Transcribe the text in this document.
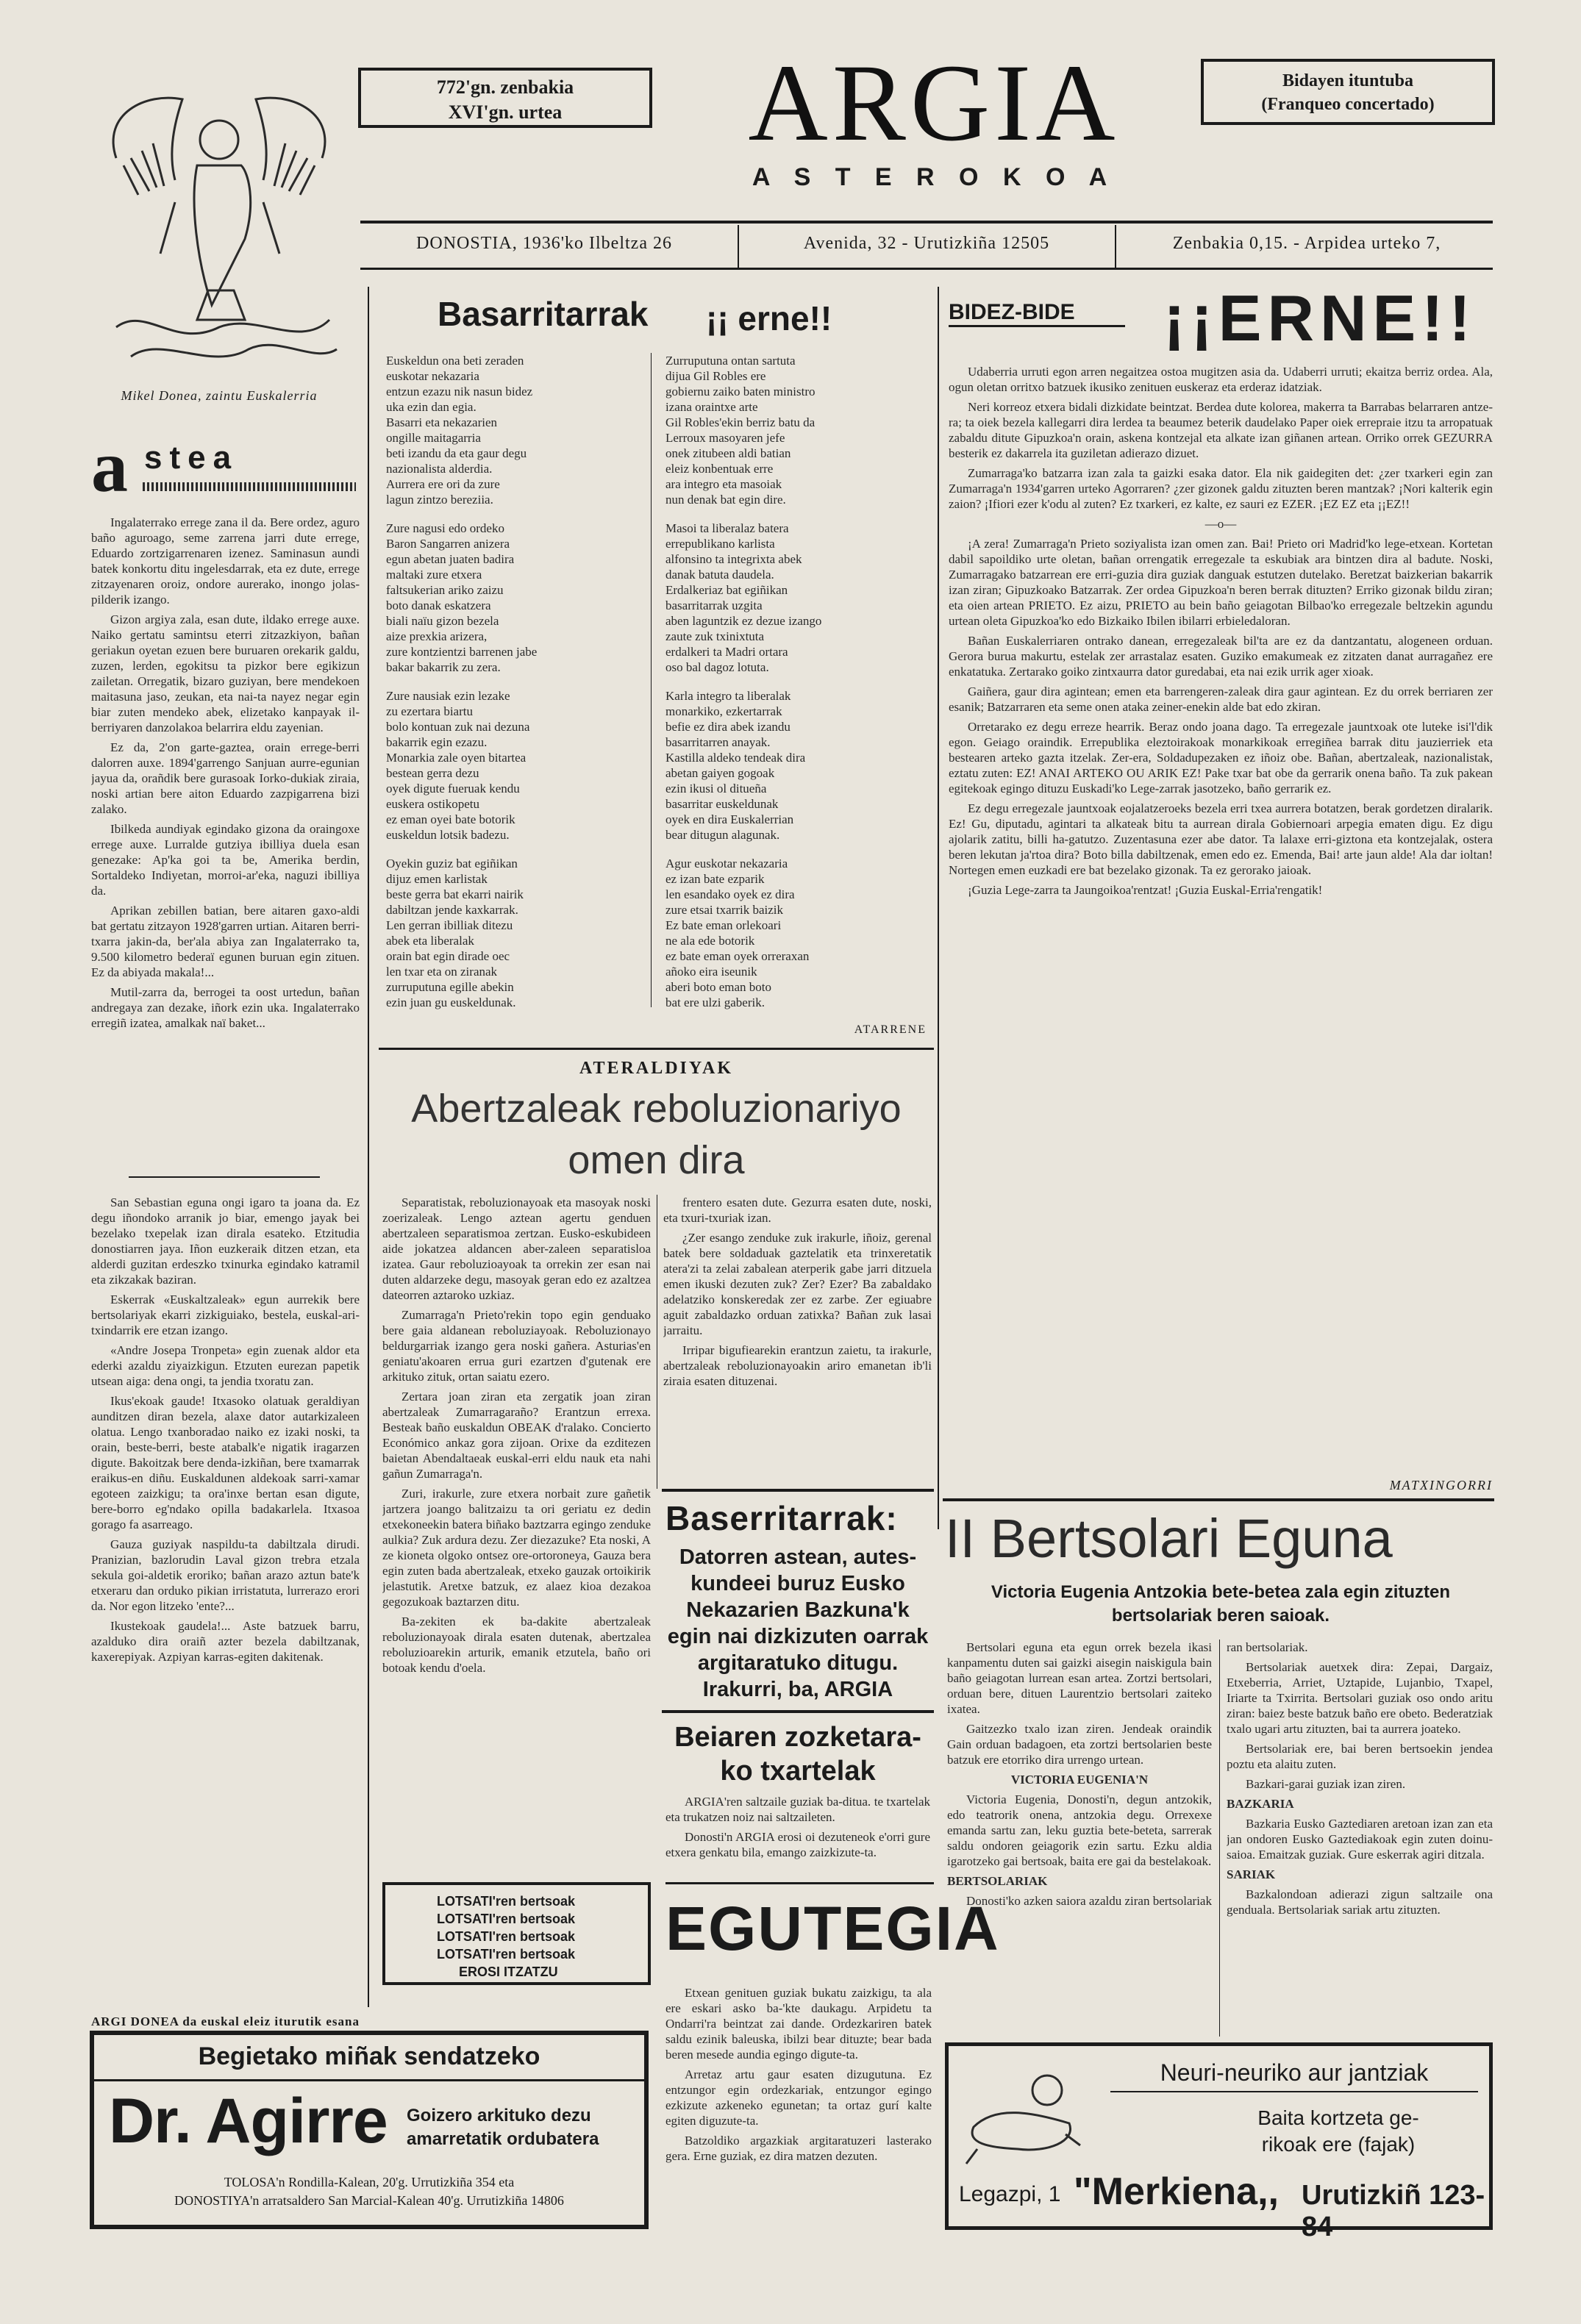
Mikel Donea, zaintu Euskalerria
772'gn. zenbakia
XVI'gn. urtea	ARGIA
A S T E R O K O A
Bidayen ituntuba
(Franqueo concertado)
DONOSTIA, 1936'ko Ilbeltza 26	Avenida, 32 - Urutizkiña 12505	Zenbakia 0,15. - Arpidea urteko 7,
a stea

Ingalaterrako errege zana il da. Bere ordez, aguro baño aguroago, seme zarrena jarri dute errege, Eduardo zortzigarrenaren izenez. Saminasun aundi batek konkortu ditu ingelesdarrak, eta ez dute, errege zitzayenaren oroiz, ondore aurerako, inongo jolas-pilderik izango.

Gizon argiya zala, esan dute, ildako errege auxe. Naiko gertatu samintsu eterri zitzazkiyon, bañan geriakun oyetan ezuen bere buruaren orekarik galdu, zuzen, lerden, egokitsu ta pizkor bere egikizun zailetan. Orregatik, bizaro guziyan, bere mendekoen maitasuna jaso, zeukan, eta nai-ta nayez negar egin biar zuten mendeko abek, elizetako kanpayak il-berriyaren danzolakoa belarrira eldu zayenian.

Ez da, 2'on garte-gaztea, orain errege-berri dalorren auxe. 1894'garrengo Sanjuan aurre-egunian jayua da, orañdik bere gurasoak Iorko-dukiak ziraia, noski artian bere aiton Eduardo zazpigarrena bizi zalako.

Ibilkeda aundiyak egindako gizona da oraingoxe errege auxe. Lurralde gutziya ibilliya duela esan genezake: Ap'ka goi ta be, Amerika berdin, Sortaldeko Indiyetan, morroi-ar'eka, naguzi ibilliya da.

Aprikan zebillen batian, bere aitaren gaxo-aldi bat gertatu zitzayon 1928'garren urtian. Aitaren berri-txarra jakin-da, ber'ala abiya zan Ingalaterrako ta, 9.500 kilometro bederaï egunen buruan egin zituen. Ez da abiyada makala!...

Mutil-zarra da, berrogei ta oost urtedun, bañan andregaya zan dezake, iñork ezin uka. Ingalaterrako erregiñ izatea, amalkak naï baket...

San Sebastian eguna ongi igaro ta joana da. Ez degu iñondoko arranik jo biar, emengo jayak bei bezelako txepelak izan dirala esateko. Etzitudia donostiarren jaya. Iñon euzkeraik ditzen etzan, eta alderdi guzitan erdeszko txinurka egindako katramil eta zikzakak baziran.

Eskerrak «Euskaltzaleak» egun aurrekik bere bertsolariyak ekarri zizkiguiako, bestela, euskal-ari-txindarrik ere etzan izango.

«Andre Josepa Tronpeta» egin zuenak aldor eta ederki azaldu ziyaizkigun. Etzuten eurezan papetik utsean aiga: dena ongi, ta jendia txoratu zan.

Ikus'ekoak gaude! Itxasoko olatuak geraldiyan aunditzen diran bezela, alaxe dator autarkizaleen olatua. Lengo txanboradao naiko ez izaki noski, ta orain, beste-berri, beste atabalk'e nigatik iragarzen digute. Bakoitzak bere denda-izkiñan, bere txamarrak eraikus-en diñu. Euskaldunen aldekoak sarri-xamar egoteen zaizkigu; ta ora'inxe bertan esan digute, bere-borro eg'ndako opilla badakarlela. Itxasoa gorago fa asarreago.

Gauza guziyak naspildu-ta dabiltzala dirudi. Pranizian, bazlorudin Laval gizon trebra etzala sekula goi-aldetik eroriko; bañan arazo aztun bate'k etxeraru dan orduko pikian irristatuta, lurrerazo erori da. Nor egon litzeko 'ente?...

Ikustekoak gaudela!... Aste batzuek barru, azalduko dira oraiñ azter bezela dabiltzanak, kaxerepiyak. Azpiyan karras-egiten dakitenak.

ARGI DONEA da euskal eleiz iturutik esana
Basarritarrak ¡¡ erne!!
Euskeldun ona beti zeraden
euskotar nekazaria
entzun ezazu nik nasun bidez
uka ezin dan egia.
Basarri eta nekazarien
ongille maitagarria
beti izandu da eta gaur degu
nazionalista alderdia.
Aurrera ere ori da zure
lagun zintzo bereziia.
Zure nagusi edo ordeko
Baron Sangarren anizera
egun abetan juaten badira
maltaki zure etxera
faltsukerian ariko zaizu
boto danak eskatzera
biali naïu gizon bezela
aize prexkia arizera,
zure kontzientzi barrenen jabe
bakar bakarrik zu zera.
Zure nausiak ezin lezake
zu ezertara biartu
bolo kontuan zuk nai dezuna
bakarrik egin ezazu.
Monarkia zale oyen bitartea
bestean gerra dezu
oyek digute fueruak kendu
euskera ostikopetu
ez eman oyei bate botorik
euskeldun lotsik badezu.
Oyekin guziz bat egiñikan
dijuz emen karlistak
beste gerra bat ekarri nairik
dabiltzan jende kaxkarrak.
Len gerran ibilliak ditezu
abek eta liberalak
orain bat egin dirade oec
len txar eta on ziranak
zurruputuna egille abekin
ezin juan gu euskeldunak.
Zurruputuna ontan sartuta
dijua Gil Robles ere
gobiernu zaiko baten ministro
izana oraintxe arte
Gil Robles'ekin berriz batu da
Lerroux masoyaren jefe
onek zitubeen aldi batian
eleiz konbentuak erre
ara integro eta masoiak
nun denak bat egin dire.
Masoi ta liberalaz batera
errepublikano karlista
alfonsino ta integrixta abek
danak batuta daudela.
Erdalkeriaz bat egiñikan
basarritarrak uzgita
aben laguntzik ez dezue izango
zaute zuk txinixtuta
erdalkeri ta Madri ortara
oso bal dagoz lotuta.
Karla integro ta liberalak
monarkiko, ezkertarrak
befie ez dira abek izandu
basarritarren anayak.
Kastilla aldeko tendeak dira
abetan gaiyen gogoak
ezin ikusi ol ditueña
basarritar euskeldunak
oyek en dira Euskalerrian
bear ditugun alagunak.
Agur euskotar nekazaria
ez izan bate ezparik
len esandako oyek ez dira
zure etsai txarrik baizik
Ez bate eman orlekoari
ne ala ede botorik
ez bate eman oyek orreraxan
añoko eira iseunik
aberi boto eman boto
bat ere ulzi gaberik.
ATARRENE
ATERALDIYAK
Abertzaleak reboluzionariyo
omen dira

Separatistak, reboluzionayoak eta masoyak noski zoerizaleak. Lengo aztean agertu genduen abertzaleen separatismoa zertzan. Eusko-eskubideen aide jokatzea aldancen aber-zaleen separatisloa izatea. Gaur reboluzioayoak ta orrekin zer esan nai duten aldarzeke degu, masoyak geran edo ez azaltzea dateorren aztaroko uzkiaz.

Zumarraga'n Prieto'rekin topo egin genduako bere gaia aldanean reboluziayoak. Reboluzionayo beldurgarriak izango gera noski gañera. Asturias'en geniatu'akoaren errua guri ezartzen d'gutenak ere arkituko zituk, ortan saiatu ezero.

Zertara joan ziran eta zergatik joan ziran abertzaleak Zumarragaraño? Erantzun errexa. Besteak baño euskaldun OBEAK d'ralako. Concierto Económico ankaz gora zijoan. Orixe da ezditezen baietan Abendaltaeak euskal-erri eldu nauk eta nahi gañun Zumarraga'n.

Zuri, irakurle, zure etxera norbait zure gañetik jartzera joango balitzaizu ta ori geriatu ez dedin etxekoneekin batera biñako baztzarra egingo zenduke aulkia? Zuk ardura dezu. Zer diezazuke? Eta noski, A ze kioneta olgoko ontsez ore-ortoroneya, Gauza bera egin zuten bada abertzaleak, etxeko gauzak ortoikirik jelastutik. Aretxe batzuk, ez alaez kioa dezakoa gegozukoak baztarzen ditu.

Ba-zekiten ek ba-dakite abertzaleak reboluzionayoak dirala esaten dutenak, abertzalea reboluzioarekin arturik, emanik etzutela, baño ori botoak kendu d'oela.

frentero esaten dute. Gezurra esaten dute, noski, eta txuri-txuriak izan.

¿Zer esango zenduke zuk irakurle, iñoiz, gerenal batek bere soldaduak gaztelatik eta trinxeretatik atera'zi ta zelai zabalean aterperik gabe jarri ditzuela emen ikuski dezuten zuk? Zer? Ezer? Ba zabaldako adelatziko konskeredak zer ez zarbe. Zer egiuabre aguit zabaldazko orduan zatixka? Bañan zuk lasai jarraitu.

Irripar bigufiearekin erantzun zaietu, ta irakurle, abertzaleak reboluzionayoakin ariro emanetan ib'li ziraia esaten dituzenai.

LOTSATI'ren bertsoak
LOTSATI'ren bertsoak
LOTSATI'ren bertsoak
LOTSATI'ren bertsoak
EROSI ITZATZU
Baserritarrak:
Datorren astean, autes-kundeei buruz Eusko Nekazarien Bazkuna'k egin nai dizkizuten oarrak argitaratuko ditugu. Irakurri, ba, ARGIA
Beiaren zozketara-ko txartelak

ARGIA'ren saltzaile guziak ba-ditua. te txartelak eta trukatzen noiz nai saltzaileten.

Donosti'n ARGIA erosi oi dezuteneok e'orri gure etxera genkatu bila, emango zaizkizute-ta.

EGUTEGIA

Etxean genituen guziak bukatu zaizkigu, ta ala ere eskari asko ba-'kte daukagu. Arpidetu ta Ondarri'ra beintzat zai dande. Ordezkariren batek saldu ezinik baleuska, ibilzi bear dituzte; bear bada beren mesede aundia egingo digute-ta.

Arretaz artu gaur esaten dizugutuna. Ez entzungor egin ordezkariak, entzungor egingo ezkizute azkeneko egunetan; ta ortaz gurí kalte egiten diguzute-ta.

Batzoldiko argazkiak argitaratuzeri lasterako gera. Erne guziak, ez dira matzen dezuten.

Begietako miñak sendatzeko
Dr. Agirre Goizero arkituko dezu
amarretatik ordubatera
TOLOSA'n Rondilla-Kalean, 20'g. Urrutizkiña 354 eta
DONOSTIYA'n arratsaldero San Marcial-Kalean 40'g. Urrutizkiña 14806
BIDEZ-BIDE	¡¡ERNE!!

Udaberria urruti egon arren negaitzea ostoa mugitzen asia da. Udaberri urruti; ekaitza berriz ordea. Ala, ogun oletan orritxo batzuek ikusiko zenituen euskeraz eta erderaz idatziak.

Neri korreoz etxera bidali dizkidate beintzat. Berdea dute kolorea, makerra ta Barrabas belarraren antze-ra; ta oiek bezela kallegarri dira lerdea ta beaumez beterik daudelako Paper oiek errepraie itzu ta arropatuak zabaldu ditute Gipuzkoa'n orain, askena kontzejal eta alkate izan giñanen artean. Orriko orrek GEZURRA besterik ez dakarrela ita guziletan adierazo dizuet.

Zumarraga'ko batzarra izan zala ta gaizki esaka dator. Ela nik gaidegiten det: ¿zer txarkeri egin zan Zumarraga'n 1934'garren urteko Agorraren? ¿zer gizonek galdu zituzten beren mantzak? ¡Nori kalterik egin zaion? ¡Ifiori ezer k'odu al zuten? Ez txarkeri, ez kalte, ez sauri ez EZER. ¡EZ EZ eta ¡¡EZ!!

—o—

¡A zera! Zumarraga'n Prieto soziyalista izan omen zan. Bai! Prieto ori Madrid'ko lege-etxean. Kortetan dabil sapoildiko urte oletan, bañan orrengatik erregezale ta eskubiak ara bintzen dira al badute. Noski, Zumarragako batzarrean ere erri-guzia dira guziak danguak estutzen dutelako. Beretzat baizkerian bakarrik izan ziran; Gipuzkoako Batzarrak. Zer ordea Gipuzkoa'n beren berrak dituzten? Erriko gizonak bildu ziran; eta oien artean PRIETO. Ez aizu, PRIETO au bein baño geiagotan Bilbao'ko erregezale beltzekin agundu urtean oleta Gipuzkoa'ko edo Bizkaiko Ibilen ibilarri erbieledaloran.

Bañan Euskalerriaren ontrako danean, erregezaleak bil'ta are ez da dantzantatu, alogeneen orduan. Gerora burua makurtu, estelak zer arrastalaz esaten. Guziko emakumeak ez zitzaten danat aurragañez ere enkatatuka. Zertarako goiko zintxaurra dator guredabai, eta nai ezik urrik ager xioak.

Gaiñera, gaur dira agintean; emen eta barrengeren-zaleak dira gaur agintean. Ez du orrek berriaren zer esanik; Batzarraren eta seme onen ataka zeiner-enekin alde bat edo zkiran.

Orretarako ez degu erreze hearrik. Beraz ondo joana dago. Ta erregezale jauntxoak ote luteke isi'l'dik egon. Geiago oraindik. Errepublika eleztoirakoak monarkikoak erregiñea barrak ditu jauzierriek eta bestearen arteko gazta itzelak. Zer-era, Soldadupezaken ez iñoiz obe. Bañan, abertzaleak, nazionalistak, eztatu zuten: EZ! ANAI ARTEKO OU ARIK EZ! Pake txar bat obe da gerrarik onena baño. Ta zuk pakean egitekoak egingo dituzu Euskadi'ko Lege-zarrak jasotzeko, baño gerrarik ez.

Ez degu erregezale jauntxoak eojalatzeroeks bezela erri txea aurrera botatzen, berak gordetzen diralarik. Ez! Gu, diputadu, agintari ta alkateak bitu ta aurrean dirala Gobiernoari arpegia ematen digu. Ez digu ajolarik zatitu, billi ha-gatutzo. Zuzentasuna ezer abe dator. Ta lalaxe erri-giztona eta kontzejalak, ostera beren lekutan ja'rtoa dira? Boto billa dabiltzenak, emen edo ez. Emenda, Bai! arte jaun alde! Ala dar ioltan! Nortegen emen euzkadi ere bat bezelako gizonak. Ta ez gerorako jaioak.

¡Guzia Lege-zarra ta Jaungoikoa'rentzat! ¡Guzia Euskal-Erria'rengatik!

MATXINGORRI
II Bertsolari Eguna
Victoria Eugenia Antzokia bete-betea zala egin zituzten bertsolariak beren saioak.

Bertsolari eguna eta egun orrek bezela ikasi kanpamentu duten sai gaizki aisegin naiskigula bain baño geiagotan lurrean esan artea. Zortzi bertsolari, orduan bere, dituen Laurentzio bertsolari zaiteko ixatea.

Gaitzezko txalo izan ziren. Jendeak oraindik Gain orduan badagoen, eta zortzi bertsolarien beste batzuk ere etorriko dira urrengo urtean.

VICTORIA EUGENIA'N

Victoria Eugenia, Donosti'n, degun antzokik, edo teatrorik onena, antzokia degu. Orrexexe emanda sartu zan, leku guztia bete-beteta, sarrerak saldu ondoren geiagorik ezin sartu. Ezku aldia igarotzeko gai bertsoak, baita ere gai da bestelakoak.

BERTSOLARIAK

Donosti'ko azken saiora azaldu ziran bertsolariak

ran bertsolariak.

Bertsolariak auetxek dira: Zepai, Dargaiz, Etxeberria, Arriet, Uztapide, Lujanbio, Txapel, Iriarte ta Txirrita. Bertsolari guziak oso ondo aritu ziran: baiez beste batzuk baño ere obeto. Bederatziak txalo ugari artu zituzten, bai ta aurrera joateko.

Bertsolariak ere, bai beren bertsoekin jendea poztu eta alaitu zuten.

Bazkari-garai guziak izan ziren.

BAZKARIA

Bazkaria Eusko Gaztediaren aretoan izan zan eta jan ondoren Eusko Gaztediakoak egin zuten doinu-saioa. Emaitzak guziak. Gure eskerrak agiri ditzala.

SARIAK

Bazkalondoan adierazi zigun saltzaile ona genduala. Bertsolariak sariak artu zituzten.

Neuri-neuriko aur jantziak
Baita kortzeta ge-
rikoak ere (fajak)
Legazpi, 1 "Merkiena,, Urutizkiñ 123-84
